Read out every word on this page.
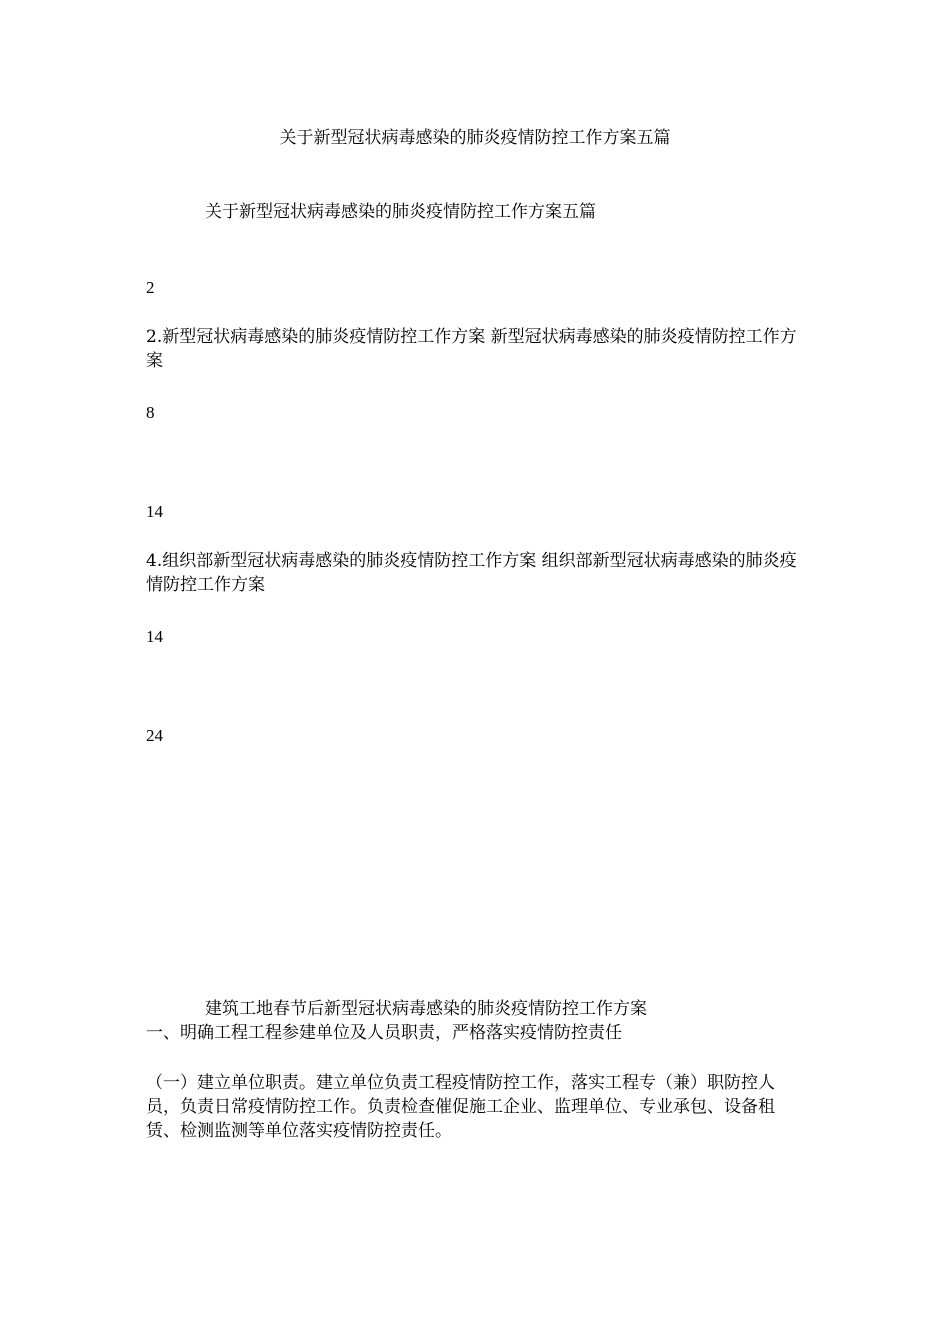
关于新型冠状病毒感染的肺炎疫情防控工作方案五篇
关于新型冠状病毒感染的肺炎疫情防控工作方案五篇
2
2.新型冠状病毒感染的肺炎疫情防控工作方案 新型冠状病毒感染的肺炎疫情防控工作方案
8
14
4.组织部新型冠状病毒感染的肺炎疫情防控工作方案 组织部新型冠状病毒感染的肺炎疫情防控工作方案
14
24
建筑工地春节后新型冠状病毒感染的肺炎疫情防控工作方案
一、明确工程工程参建单位及人员职责，严格落实疫情防控责任
（一）建立单位职责。建立单位负责工程疫情防控工作，落实工程专（兼）职防控人员，负责日常疫情防控工作。负责检查催促施工企业、监理单位、专业承包、设备租赁、检测监测等单位落实疫情防控责任。
